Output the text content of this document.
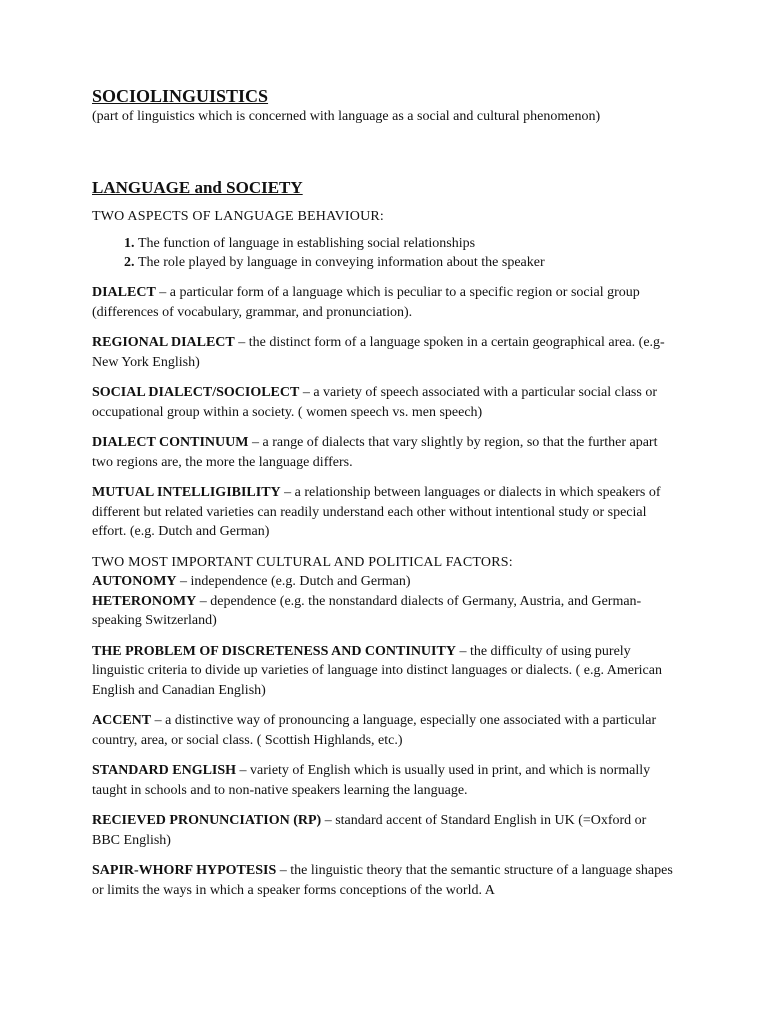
SOCIOLINGUISTICS

(part of linguistics which is concerned with language as a social and cultural phenomenon)

LANGUAGE and SOCIETY

TWO ASPECTS OF LANGUAGE BEHAVIOUR:

1. The function of language in establishing social relationships
2. The role played by language in conveying information about the speaker

DIALECT – a particular form of a language which is peculiar to a specific region or social group (differences of vocabulary, grammar, and pronunciation).

REGIONAL DIALECT – the distinct form of a language spoken in a certain geographical area. (e.g- New York English)

SOCIAL DIALECT/SOCIOLECT – a variety of speech associated with a particular social class or occupational group within a society. ( women speech vs. men speech)

DIALECT CONTINUUM – a range of dialects that vary slightly by region, so that the further apart two regions are, the more the language differs.

MUTUAL INTELLIGIBILITY – a relationship between languages or dialects in which speakers of different but related varieties can readily understand each other without intentional study or special effort. (e.g. Dutch and German)

TWO MOST IMPORTANT CULTURAL AND POLITICAL FACTORS:
AUTONOMY – independence (e.g. Dutch and German)
HETERONOMY – dependence (e.g. the nonstandard dialects of Germany, Austria, and German-speaking Switzerland)

THE PROBLEM OF DISCRETENESS AND CONTINUITY – the difficulty of using purely linguistic criteria to divide up varieties of language into distinct languages or dialects. ( e.g. American English and Canadian English)

ACCENT – a distinctive way of pronouncing a language, especially one associated with a particular country, area, or social class. ( Scottish Highlands, etc.)

STANDARD ENGLISH – variety of English which is usually used in print, and which is normally taught in schools and to non-native speakers learning the language.

RECIEVED PRONUNCIATION (RP) – standard accent of Standard English in UK (=Oxford or BBC English)

SAPIR-WHORF HYPOTESIS – the linguistic theory that the semantic structure of a language shapes or limits the ways in which a speaker forms conceptions of the world. A
